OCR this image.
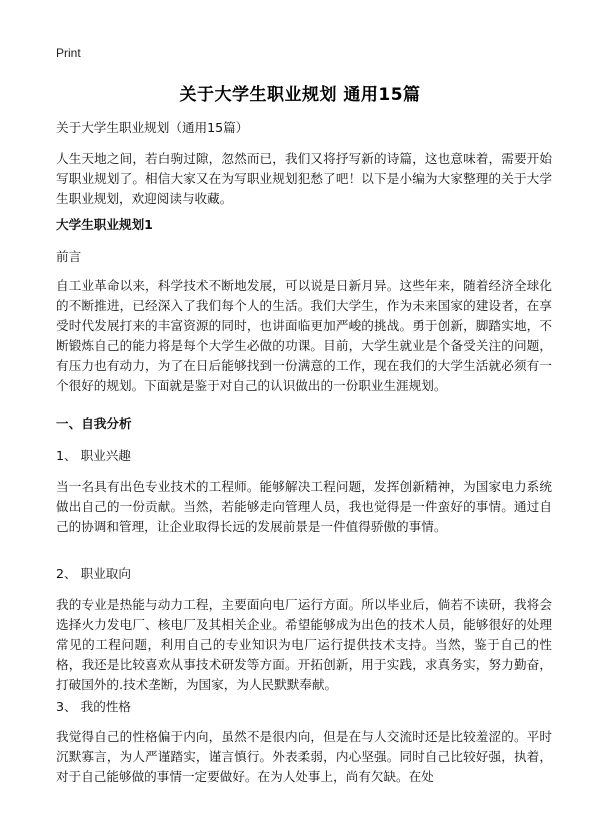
Print
关于大学生职业规划 通用15篇

关于大学生职业规划（通用15篇）

人生天地之间，若白驹过隙，忽然而已，我们又将抒写新的诗篇，这也意味着，需要开始写职业规划了。相信大家又在为写职业规划犯愁了吧！以下是小编为大家整理的关于大学生职业规划，欢迎阅读与收藏。

大学生职业规划1

前言

自工业革命以来，科学技术不断地发展，可以说是日新月异。这些年来，随着经济全球化的不断推进，已经深入了我们每个人的生活。我们大学生，作为未来国家的建设者，在享受时代发展打来的丰富资源的同时，也讲面临更加严峻的挑战。勇于创新，脚踏实地，不断锻炼自己的能力将是每个大学生必做的功课。目前，大学生就业是个备受关注的问题，有压力也有动力，为了在日后能够找到一份满意的工作，现在我们的大学生活就必须有一个很好的规划。下面就是鉴于对自己的认识做出的一份职业生涯规划。

一、自我分析

1、 职业兴趣

当一名具有出色专业技术的工程师。能够解决工程问题，发挥创新精神，为国家电力系统做出自己的一份贡献。当然，若能够走向管理人员，我也觉得是一件蛮好的事情。通过自己的协调和管理，让企业取得长远的发展前景是一件值得骄傲的事情。

2、 职业取向

我的专业是热能与动力工程，主要面向电厂运行方面。所以毕业后，倘若不读研，我将会选择火力发电厂、核电厂及其相关企业。希望能够成为出色的技术人员，能够很好的处理常见的工程问题，利用自己的专业知识为电厂运行提供技术支持。当然，鉴于自己的性格，我还是比较喜欢从事技术研发等方面。开拓创新，用于实践，求真务实，努力勤奋，打破国外的.技术垄断，为国家，为人民默默奉献。

3、 我的性格

我觉得自己的性格偏于内向，虽然不是很内向，但是在与人交流时还是比较羞涩的。平时沉默寡言，为人严谨踏实，谨言慎行。外表柔弱，内心坚强。同时自己比较好强，执着，对于自己能够做的事情一定要做好。在为人处事上，尚有欠缺。在处
